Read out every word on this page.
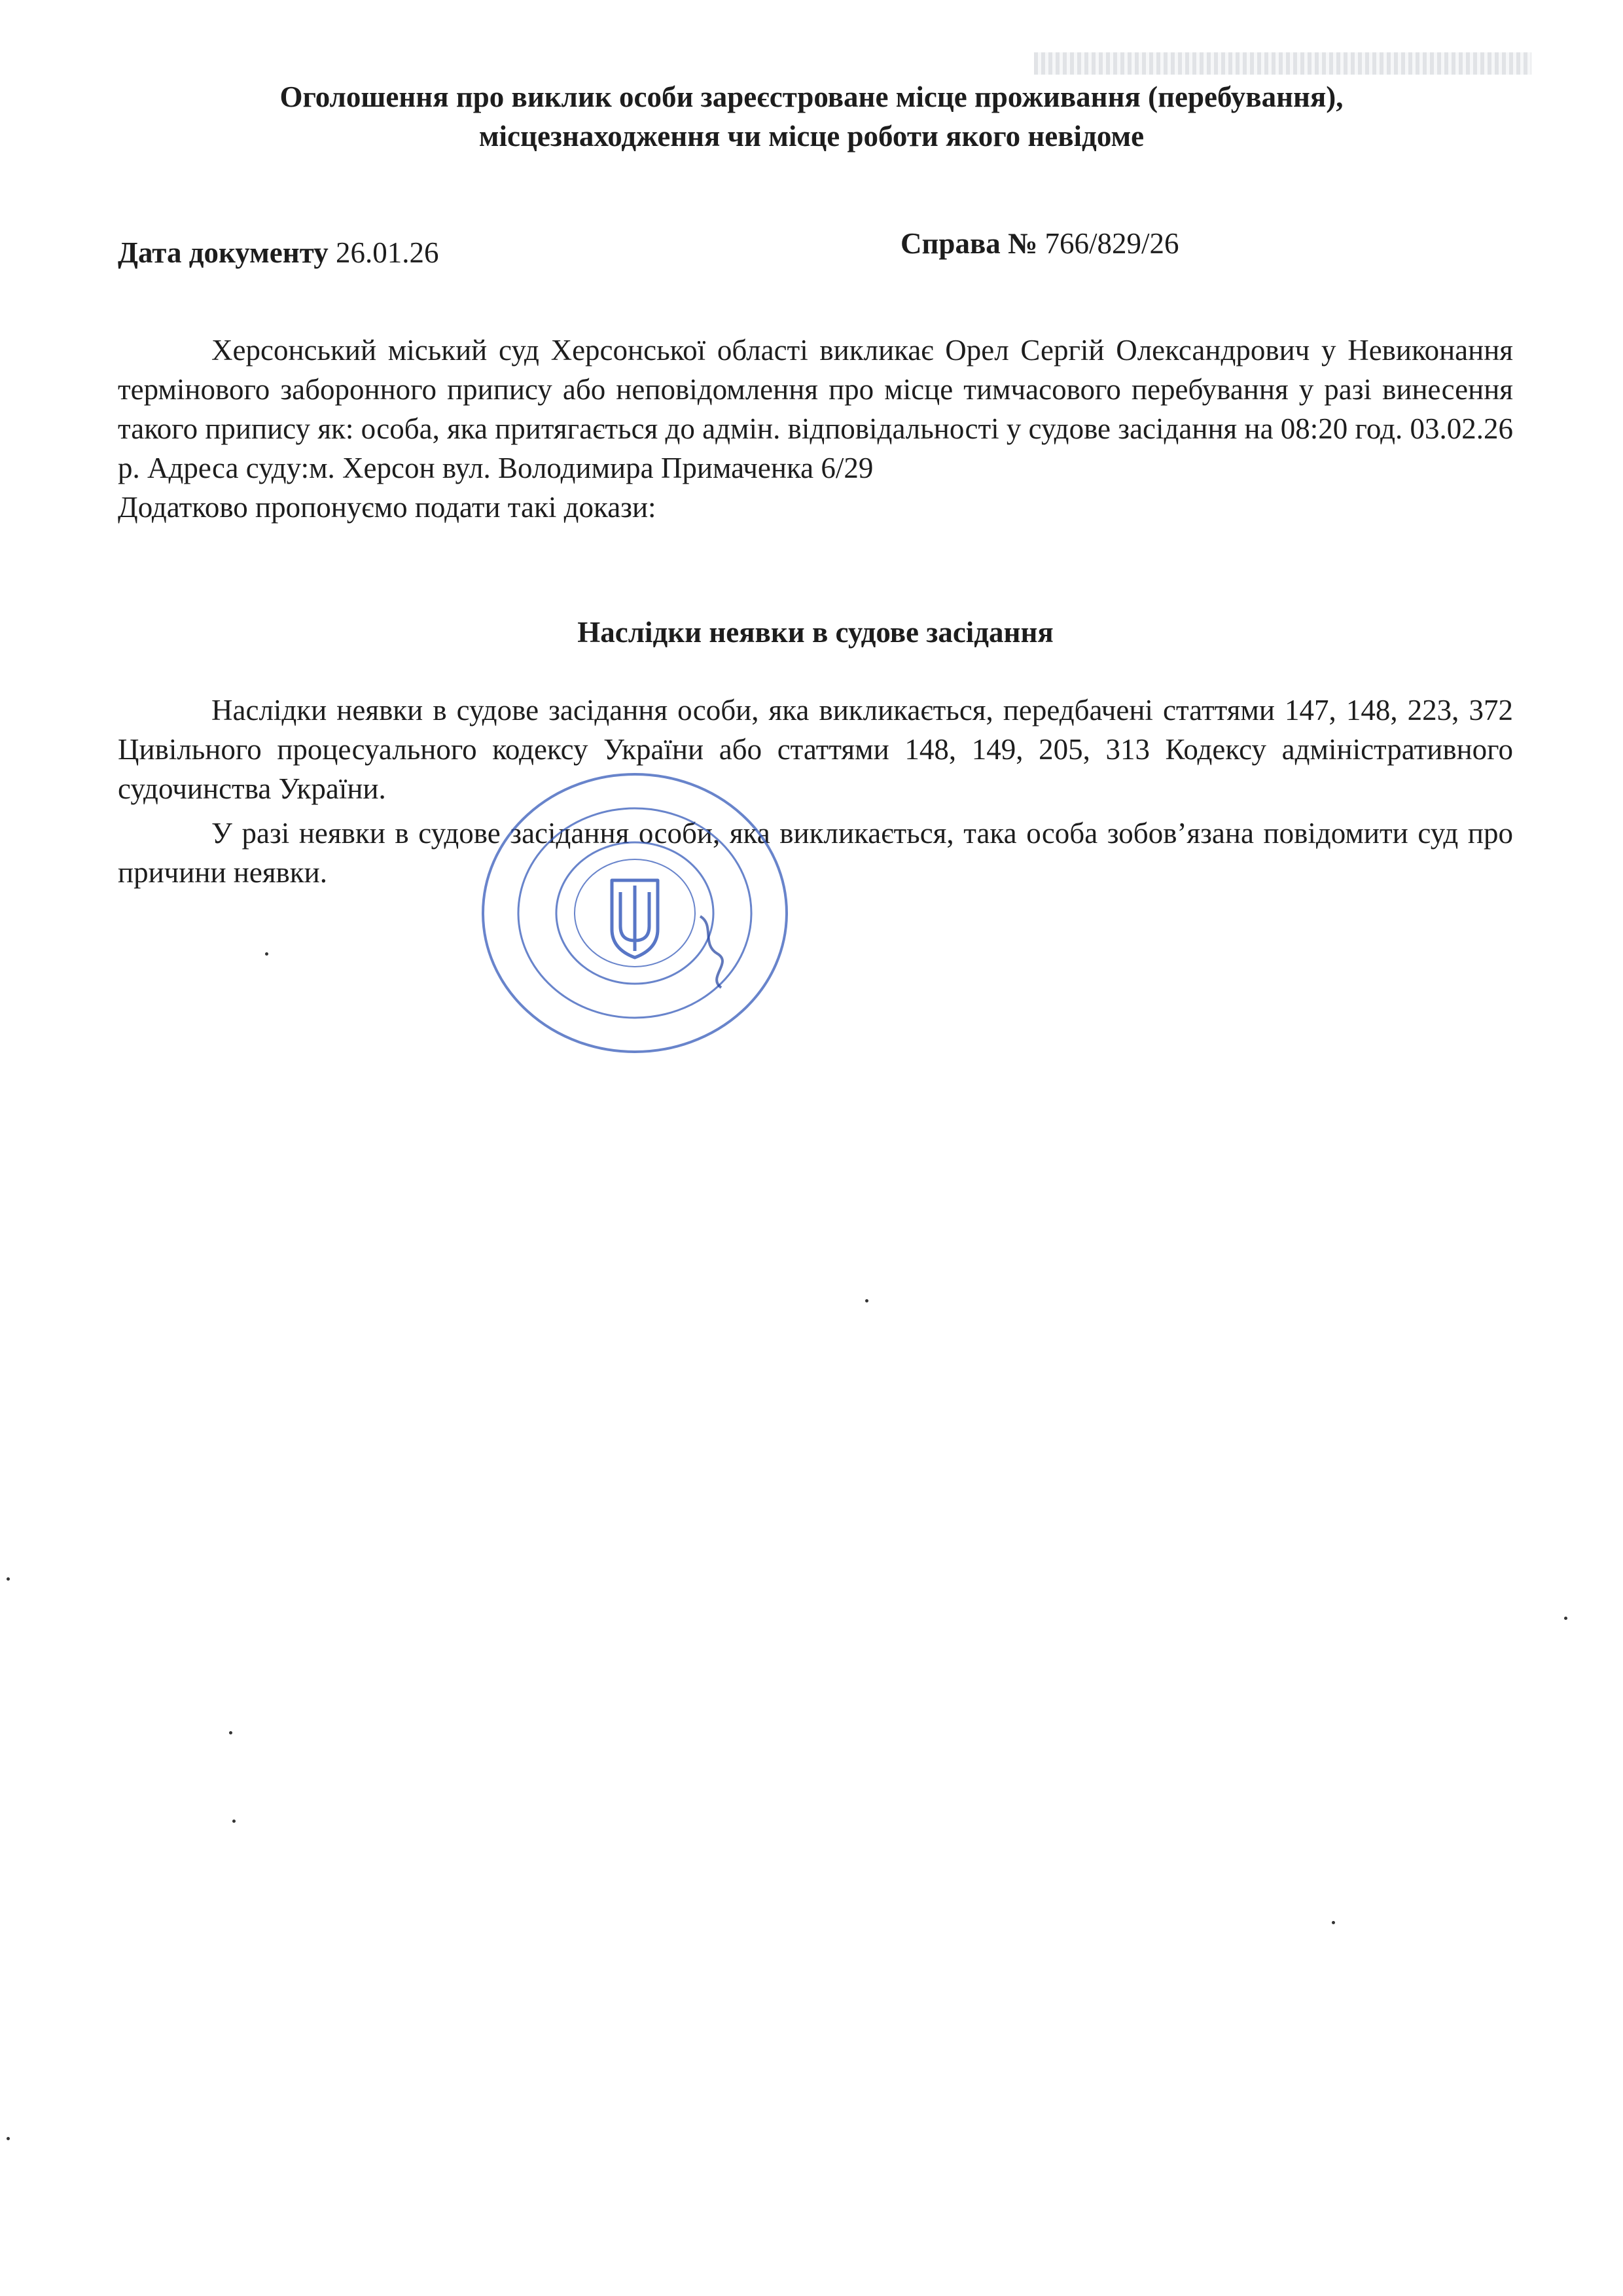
Оголошення про виклик особи зареєстроване місце проживання (перебування),
місцезнаходження чи місце роботи якого невідоме
Дата документу 26.01.26	Справа № 766/829/26

Херсонський міський суд Херсонської області викликає Орел Сергій Олександрович у Невиконання термінового заборонного припису або неповідомлення про місце тимчасового перебування у разі винесення такого припису як: особа, яка притягається до адмін. відповідальності у судове засідання на 08:20 год. 03.02.26 р. Адреса суду:м. Херсон вул. Володимира Примаченка 6/29

Додатково пропонуємо подати такі докази:

Наслідки неявки в судове засідання

Наслідки неявки в судове засідання особи, яка викликається, передбачені статтями 147, 148, 223, 372 Цивільного процесуального кодексу України або статтями 148, 149, 205, 313 Кодексу адміністративного судочинства України.

У разі неявки в судове засідання особи, яка викликається, така особа зобов’язана повідомити суд про причини неявки.
